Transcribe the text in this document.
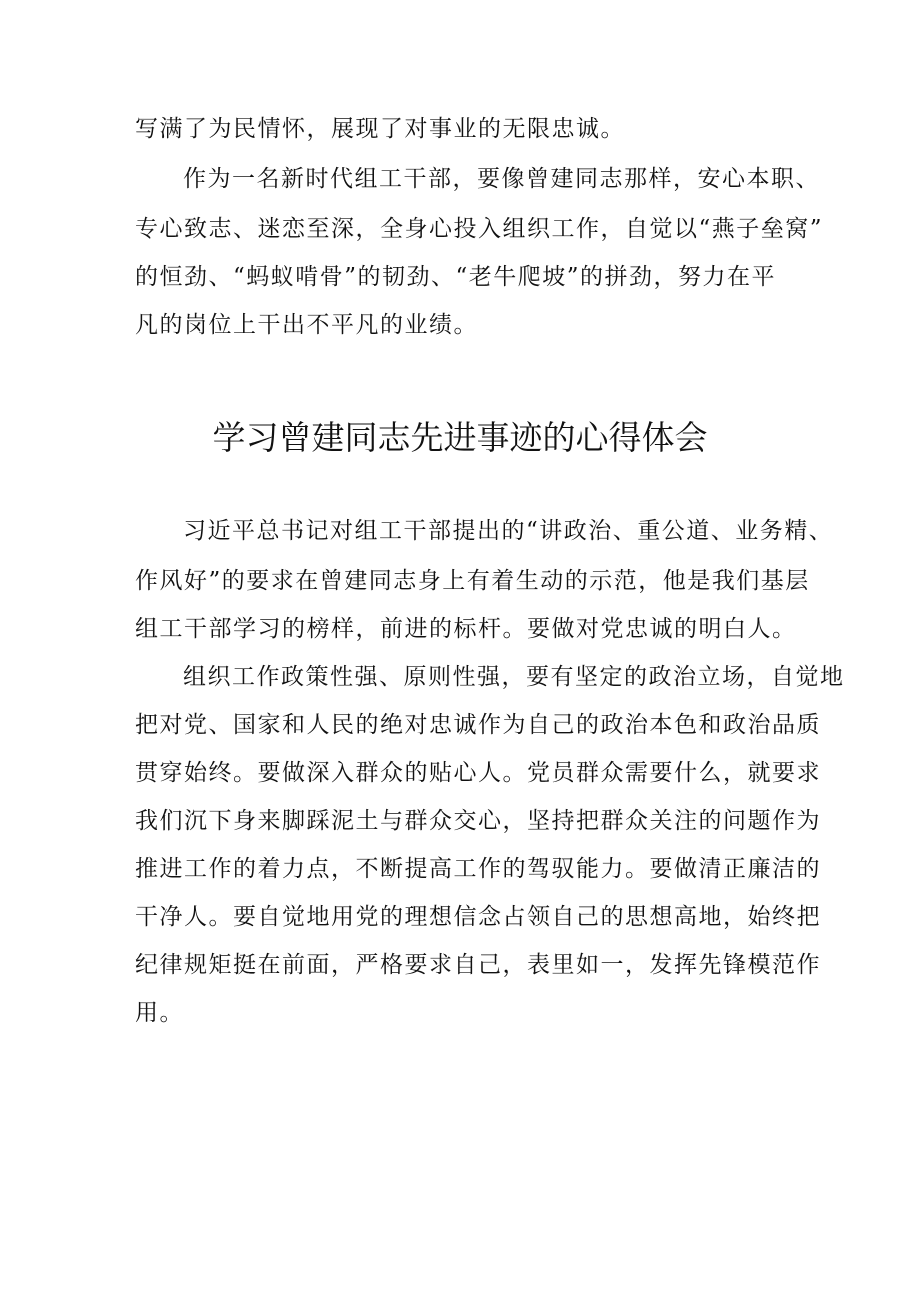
写满了为民情怀，展现了对事业的无限忠诚。
作为一名新时代组工干部，要像曾建同志那样，安心本职、
专心致志、迷恋至深，全身心投入组织工作，自觉以“燕子垒窝”
的恒劲、“蚂蚁啃骨”的韧劲、“老牛爬坡”的拼劲，努力在平
凡的岗位上干出不平凡的业绩。
学习曾建同志先进事迹的心得体会
习近平总书记对组工干部提出的“讲政治、重公道、业务精、
作风好”的要求在曾建同志身上有着生动的示范，他是我们基层
组工干部学习的榜样，前进的标杆。要做对党忠诚的明白人。
组织工作政策性强、原则性强，要有坚定的政治立场，自觉地
把对党、国家和人民的绝对忠诚作为自己的政治本色和政治品质
贯穿始终。要做深入群众的贴心人。党员群众需要什么，就要求
我们沉下身来脚踩泥土与群众交心，坚持把群众关注的问题作为
推进工作的着力点，不断提高工作的驾驭能力。要做清正廉洁的
干净人。要自觉地用党的理想信念占领自己的思想高地，始终把
纪律规矩挺在前面，严格要求自己，表里如一，发挥先锋模范作
用。
